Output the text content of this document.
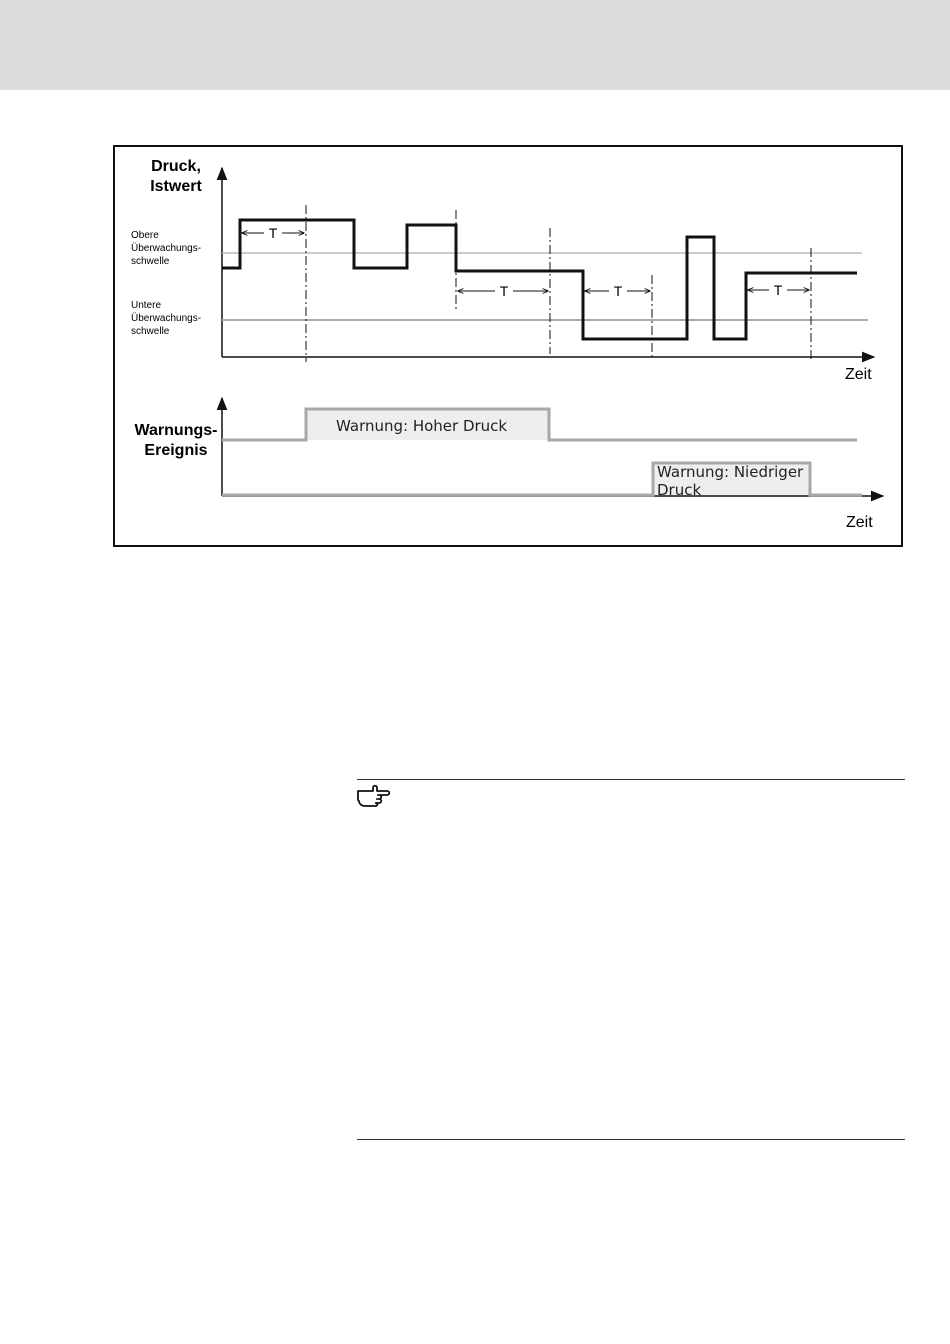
Druck,
Istwert
Zeit
Obere
Überwachungs-
schwelle
Untere
Überwachungs-
schwelle
T
T	T	T
Warnungs-
Ereignis
Zeit
Warnung: Hoher Druck
Warnung: Niedriger
Druck
